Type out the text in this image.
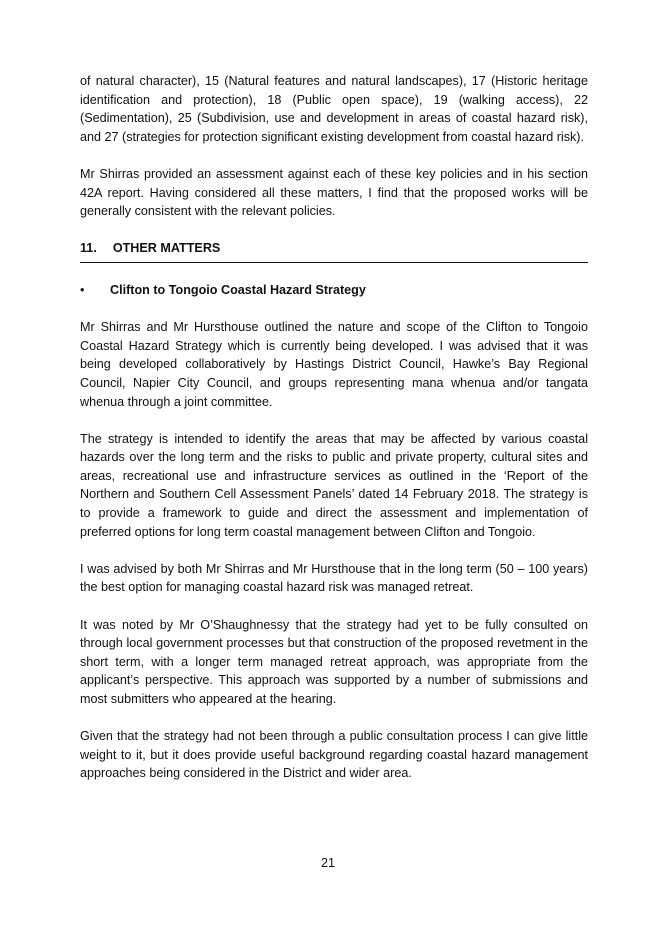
of natural character), 15 (Natural features and natural landscapes), 17 (Historic heritage identification and protection), 18 (Public open space), 19 (walking access), 22 (Sedimentation), 25 (Subdivision, use and development in areas of coastal hazard risk), and 27 (strategies for protection significant existing development from coastal hazard risk).

Mr Shirras provided an assessment against each of these key policies and in his section 42A report. Having considered all these matters, I find that the proposed works will be generally consistent with the relevant policies.

11. OTHER MATTERS
•	Clifton to Tongoio Coastal Hazard Strategy

Mr Shirras and Mr Hursthouse outlined the nature and scope of the Clifton to Tongoio Coastal Hazard Strategy which is currently being developed. I was advised that it was being developed collaboratively by Hastings District Council, Hawke’s Bay Regional Council, Napier City Council, and groups representing mana whenua and/or tangata whenua through a joint committee.

The strategy is intended to identify the areas that may be affected by various coastal hazards over the long term and the risks to public and private property, cultural sites and areas, recreational use and infrastructure services as outlined in the ‘Report of the Northern and Southern Cell Assessment Panels’ dated 14 February 2018. The strategy is to provide a framework to guide and direct the assessment and implementation of preferred options for long term coastal management between Clifton and Tongoio.

I was advised by both Mr Shirras and Mr Hursthouse that in the long term (50 – 100 years) the best option for managing coastal hazard risk was managed retreat.

It was noted by Mr O’Shaughnessy that the strategy had yet to be fully consulted on through local government processes but that construction of the proposed revetment in the short term, with a longer term managed retreat approach, was appropriate from the applicant’s perspective. This approach was supported by a number of submissions and most submitters who appeared at the hearing.

Given that the strategy had not been through a public consultation process I can give little weight to it, but it does provide useful background regarding coastal hazard management approaches being considered in the District and wider area.

21
